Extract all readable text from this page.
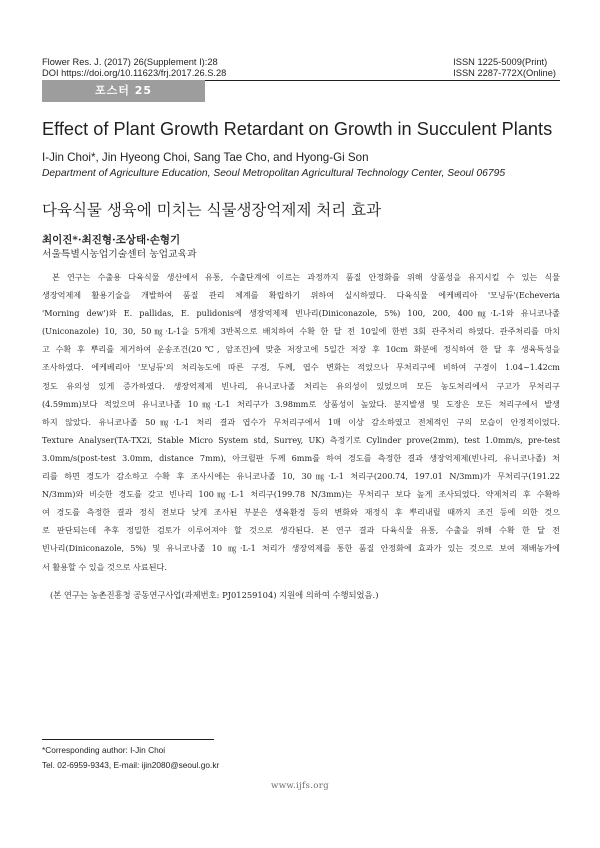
Flower Res. J. (2017) 26(Supplement I):28
DOI https://doi.org/10.11623/frj.2017.26.S.28
ISSN 1225-5009(Print)
ISSN 2287-772X(Online)
포스터 25
Effect of Plant Growth Retardant on Growth in Succulent Plants
I-Jin Choi*, Jin Hyeong Choi, Sang Tae Cho, and Hyong-Gi Son
Department of Agriculture Education, Seoul Metropolitan Agricultural Technology Center, Seoul 06795
다육식물 생육에 미치는 식물생장억제제 처리 효과
최이진*·최진형·조상태·손형기
서울특별시농업기술센터 농업교육과
본 연구는 수출용 다육식물 생산에서 유통, 수출단계에 이르는 과정까지 품질 안정화를 위해 상품성을 유지시킬 수 있는 식물
생장억제제 활용기술을 개발하여 품질 관리 체계를 확립하기 위하여 실시하였다. 다육식물 에케베리아 '모닝듀'(Echeveria
'Morning dew')와 E. pallidas, E. pulidonis에 생장억제제 빈나리(Diniconazole, 5%) 100, 200, 400㎎·L-1와 유니코나졸
(Uniconazole) 10, 30, 50㎎·L-1을 5개체 3반복으로 배치하여 수확 한 달 전 10일에 한번 3회 관주처리 하였다. 관주처리를 마치
고 수확 후 뿌리를 제거하여 운송조건(20℃, 암조건)에 맞춘 저장고에 5일간 저장 후 10cm 화분에 정식하여 한 달 후 생육특성을
조사하였다. 에케베리아 '모닝듀'의 처리농도에 따른 구경, 두께, 엽수 변화는 적었으나 무처리구에 비하여 구경이 1.04~1.42cm
정도 유의성 있게 증가하였다. 생장억제제 빈나리, 유니코나졸 처리는 유의성이 있었으며 모든 농도처리에서 구고가 무처리구
(4.59mm)보다 적었으며 유니코나졸 10㎎·L-1 처리구가 3.98mm로 상품성이 높았다. 분지발생 및 도장은 모든 처리구에서 발생
하지 않았다. 유니코나졸 50㎎·L-1 처리 결과 엽수가 무처리구에서 1매 이상 감소하였고 전체적인 구의 모습이 안정적이었다.
Texture Analyser(TA-TX2i, Stable Micro System std, Surrey, UK) 측정기로 Cylinder prove(2mm), test 1.0mm/s, pre-test
3.0mm/s(post-test 3.0mm, distance 7mm), 아크릴판 두께 6mm를 하여 경도를 측정한 결과 생장억제제(빈나리, 유니코나졸) 처
리를 하면 경도가 감소하고 수확 후 조사시에는 유니코나졸 10, 30㎎·L-1 처리구(200.74, 197.01 N/3mm)가 무처리구(191.22
N/3mm)와 비슷한 경도를 갖고 빈나리 100㎎·L-1 처리구(199.78 N/3mm)는 무처리구 보다 높게 조사되었다. 약제처리 후 수확하
여 경도를 측정한 결과 정식 전보다 낮게 조사된 부분은 생육환경 등의 변화와 재정식 후 뿌리내릴 때까지 조건 등에 의한 것으
로 판단되는데 추후 정밀한 검토가 이루어져야 할 것으로 생각된다. 본 연구 결과 다육식물 유통, 수출을 위해 수확 한 달 전
빈나리(Diniconazole, 5%) 및 유니코나졸 10 ㎎·L-1 처리가 생장억제를 통한 품질 안정화에 효과가 있는 것으로 보여 재배농가에
서 활용할 수 있을 것으로 사료된다.
(본 연구는 농촌진흥청 공동연구사업(과제번호: PJ01259104) 지원에 의하여 수행되었음.)
*Corresponding author: I-Jin Choi
Tel. 02-6959-9343, E-mail: ijin2080@seoul.go.kr
www.ijfs.org
